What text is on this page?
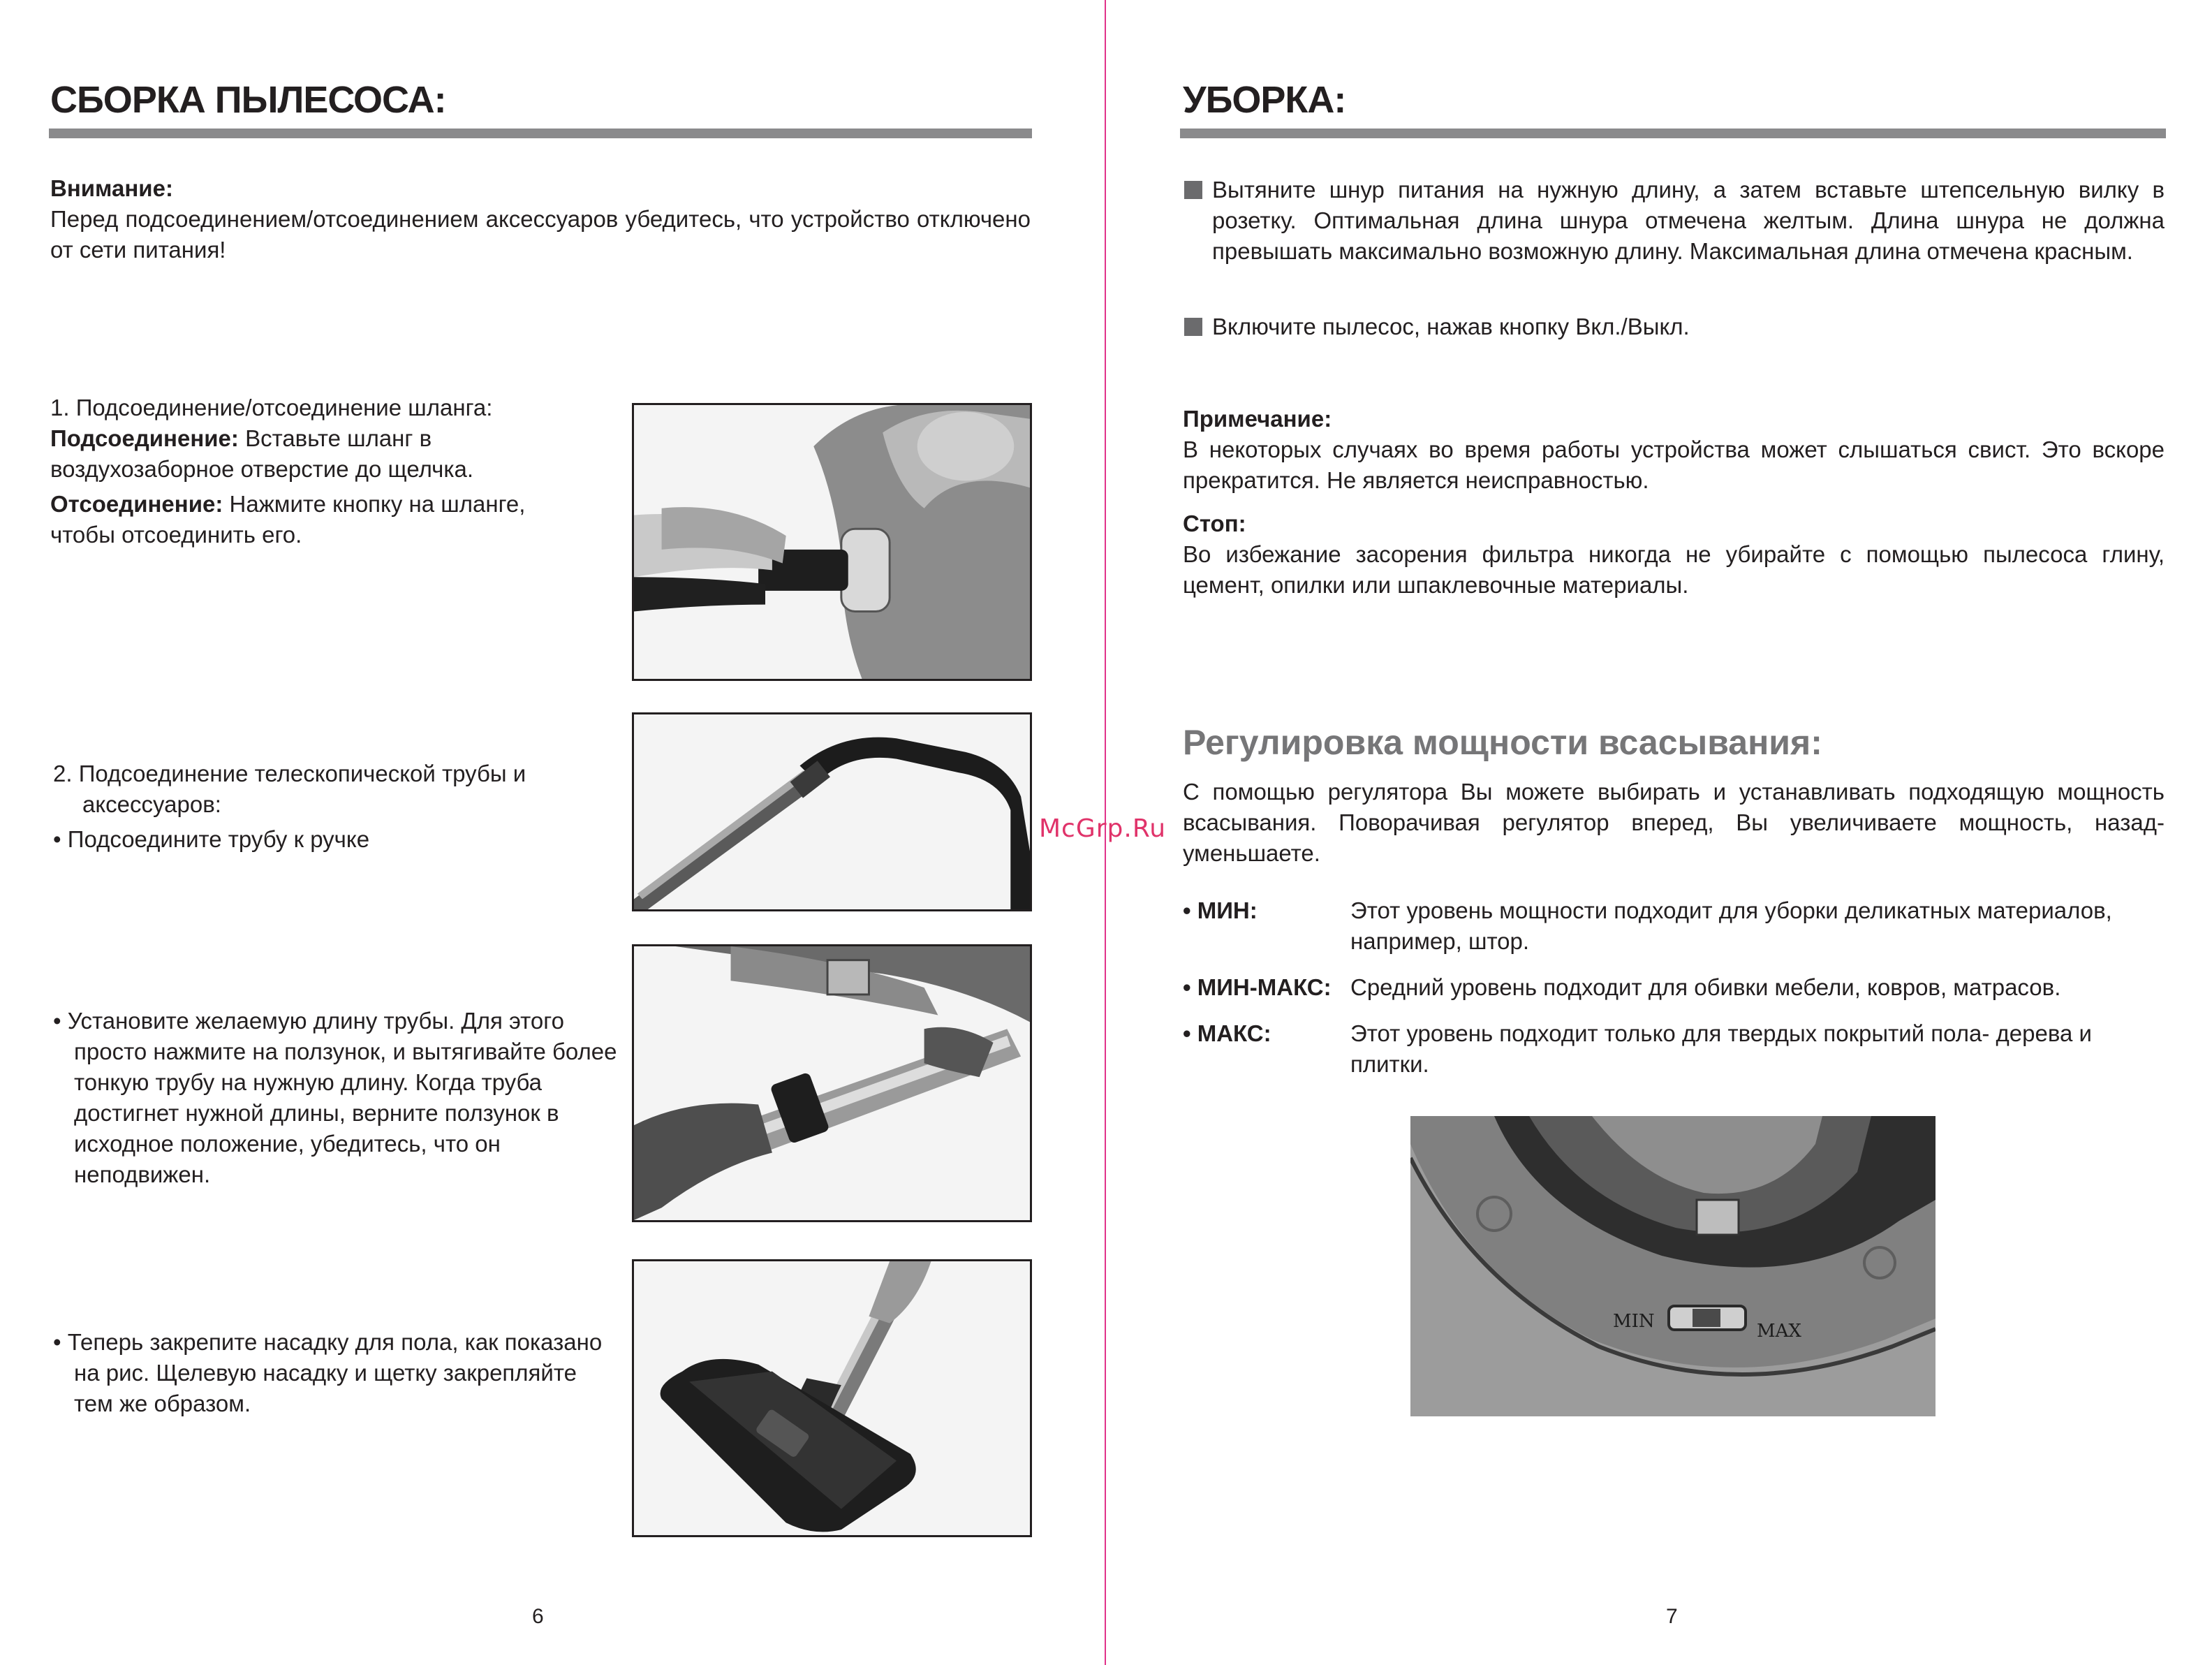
СБОРКА ПЫЛЕСОСА:
Внимание:
Перед подсоединением/отсоединением аксессуаров убедитесь, что устройство отключено от сети питания!
1. Подсоединение/отсоединение шланга:
Подсоединение: Вставьте шланг в воздухозаборное отверстие до щелчка.
Отсоединение: Нажмите кнопку на шланге, чтобы отсоединить его.
2. Подсоединение телескопической трубы и
аксессуаров:
• Подсоедините трубу к ручке
• Установите желаемую длину трубы. Для этого просто нажмите на ползунок, и вытягивайте более тонкую трубу на нужную длину. Когда труба достигнет нужной длины, верните ползунок в исходное положение, убедитесь, что он неподвижен.
• Теперь закрепите насадку для пола, как показано на рис. Щелевую насадку и щетку закрепляйте тем же образом.
6
УБОРКА:
Вытяните шнур питания на нужную длину, а затем вставьте штепсельную вилку в розетку. Оптимальная длина шнура отмечена желтым. Длина шнура не должна превышать максимально возможную длину. Максимальная длина отмечена красным.
Включите пылесос, нажав кнопку Вкл./Выкл.
Примечание:
В некоторых случаях во время работы устройства может слышаться свист. Это вскоре прекратится. Не является неисправностью.
Стоп:
Во избежание засорения фильтра никогда не убирайте с помощью пылесоса глину, цемент, опилки или шпаклевочные материалы.
Регулировка мощности всасывания:
С помощью регулятора Вы можете выбирать и устанавливать подходящую мощность всасывания. Поворачивая регулятор вперед, Вы увеличиваете мощность, назад- уменьшаете.
• МИН:	Этот уровень мощности подходит для уборки деликатных материалов, например, штор.
• МИН-МАКС: Средний уровень подходит для обивки мебели, ковров, матрасов.
• МАКС:	Этот уровень подходит только для твердых покрытий пола- дерева и плитки.
MIN	MAX
7
McGrp.Ru
